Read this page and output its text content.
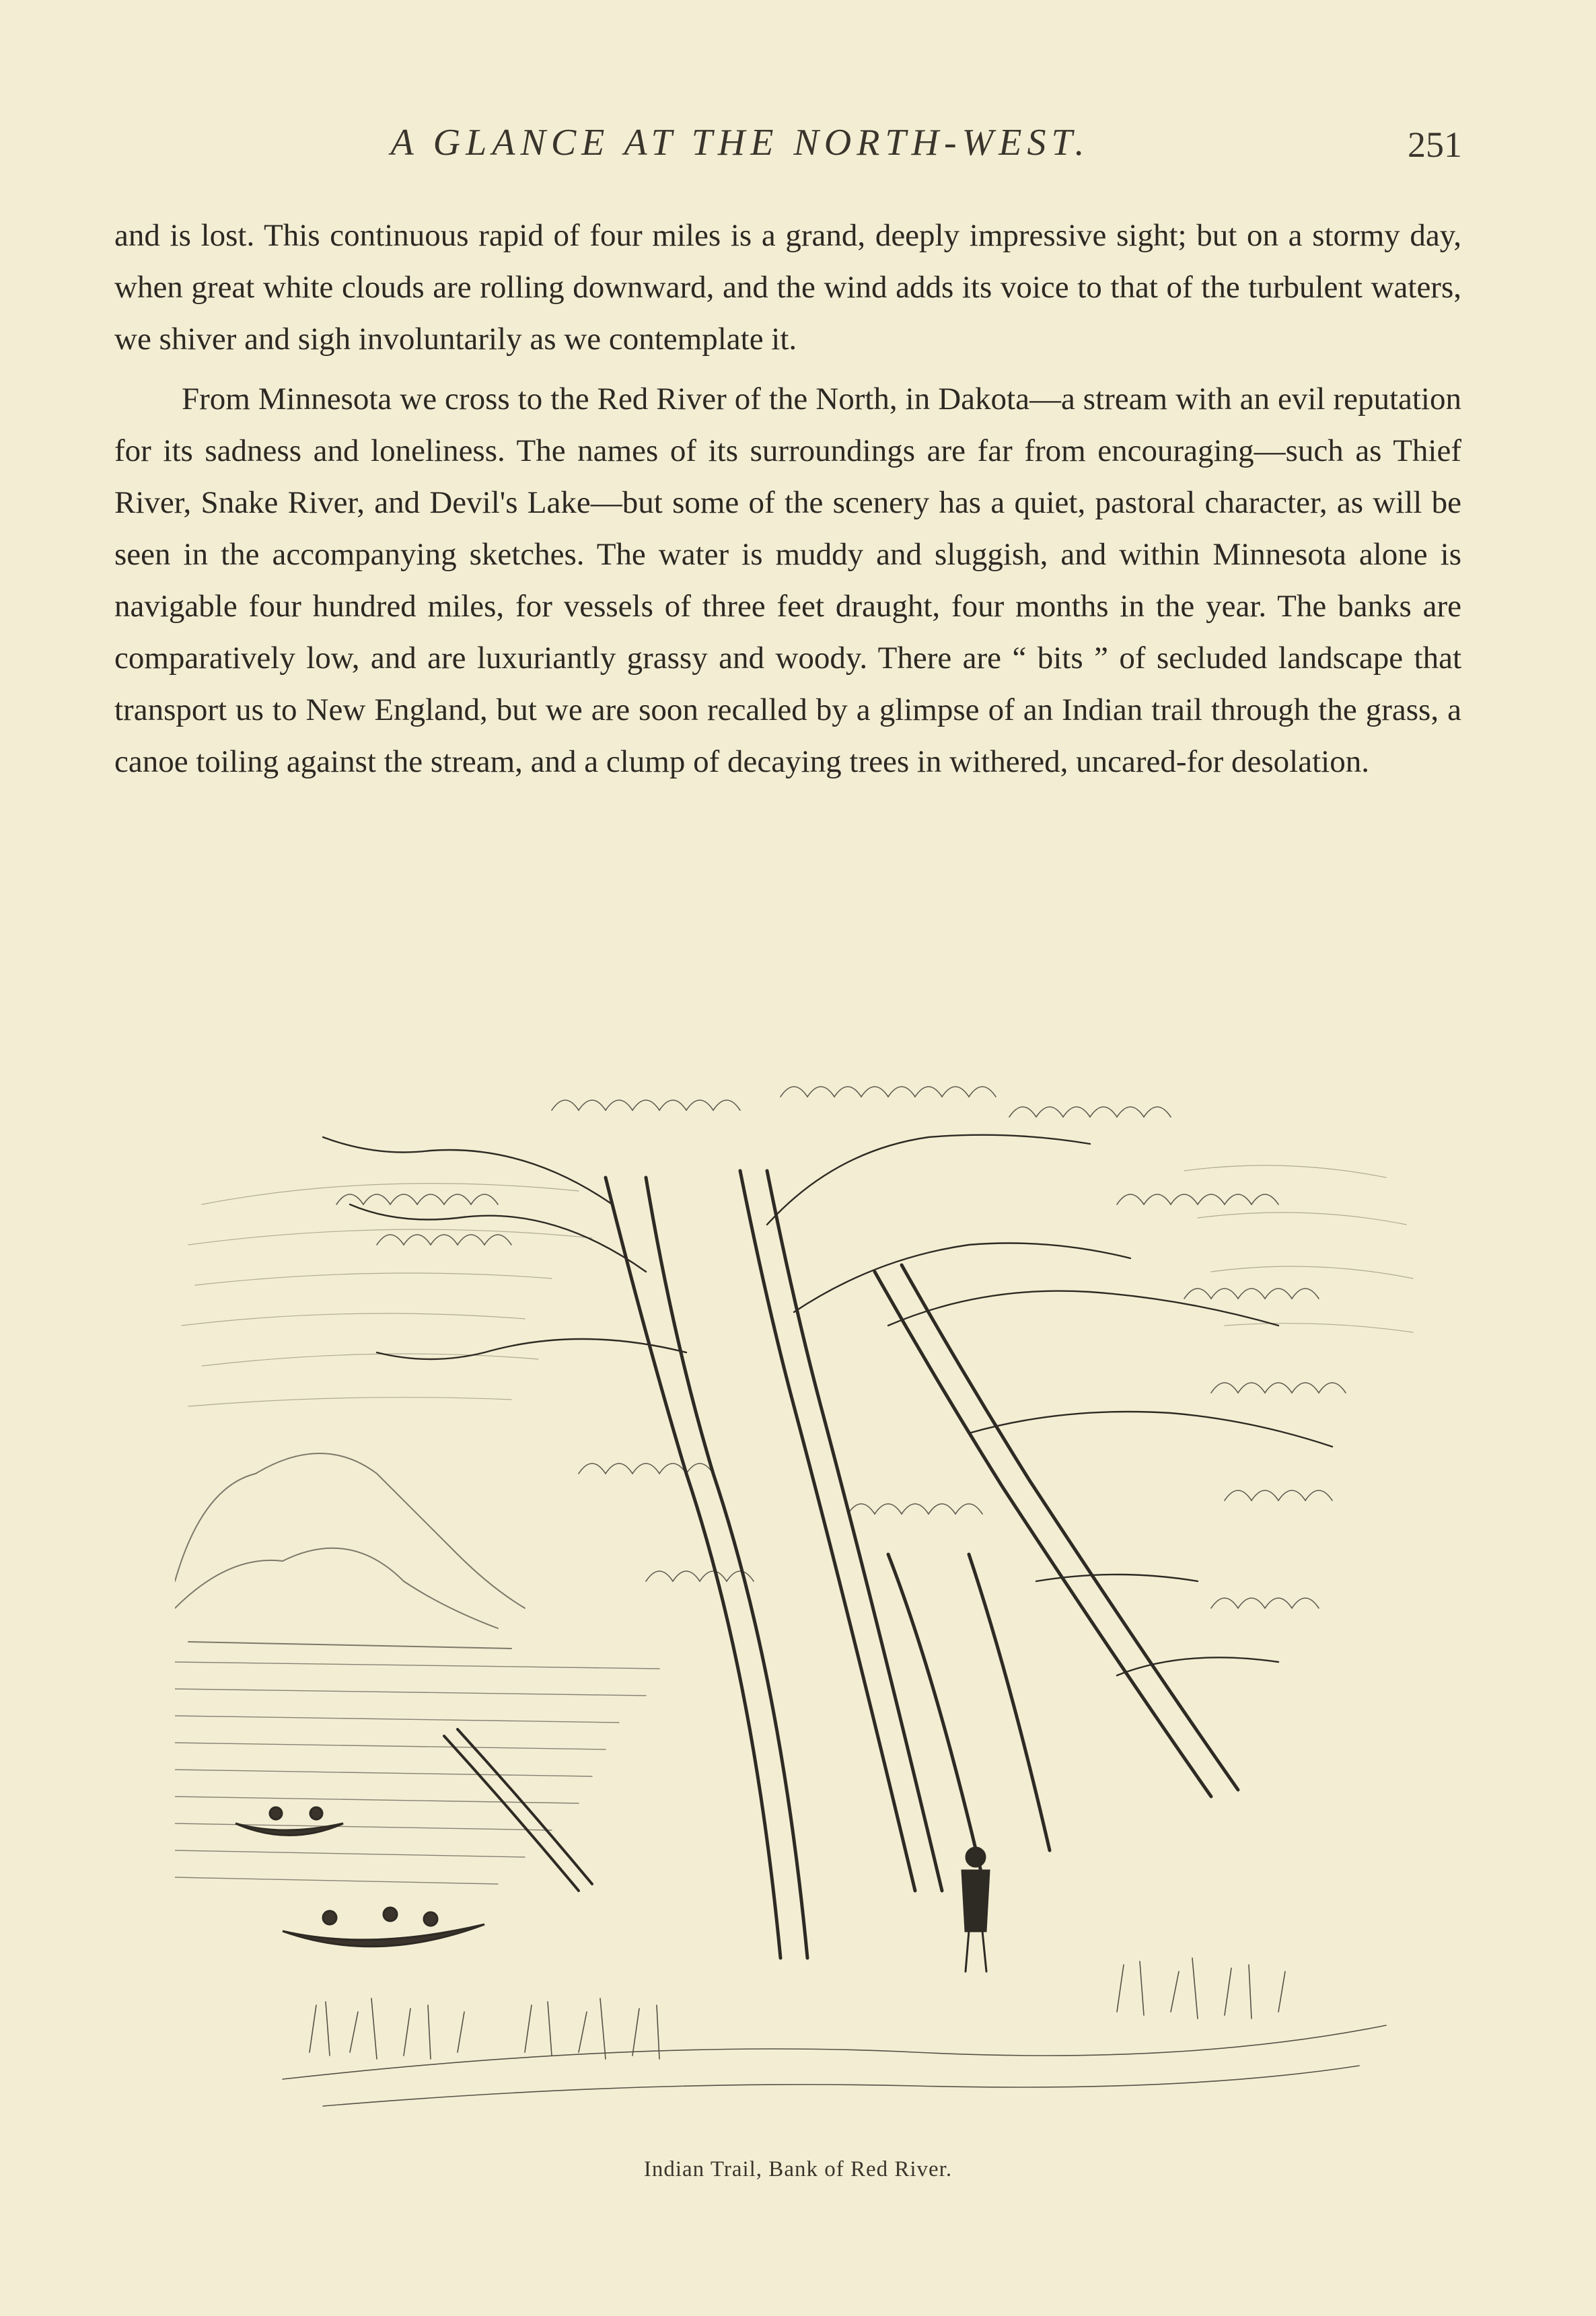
A GLANCE AT THE NORTH-WEST.	251

and is lost. This continuous rapid of four miles is a grand, deeply impressive sight; but on a stormy day, when great white clouds are rolling downward, and the wind adds its voice to that of the turbulent waters, we shiver and sigh involuntarily as we contemplate it.

From Minnesota we cross to the Red River of the North, in Dakota—a stream with an evil reputation for its sadness and loneliness. The names of its surroundings are far from encouraging—such as Thief River, Snake River, and Devil's Lake—but some of the scenery has a quiet, pastoral character, as will be seen in the accompanying sketches. The water is muddy and sluggish, and within Minnesota alone is navigable four hundred miles, for vessels of three feet draught, four months in the year. The banks are comparatively low, and are luxuriantly grassy and woody. There are “ bits ” of secluded landscape that transport us to New England, but we are soon recalled by a glimpse of an Indian trail through the grass, a canoe toiling against the stream, and a clump of decaying trees in withered, uncared-for desolation.

Indian Trail, Bank of Red River.
